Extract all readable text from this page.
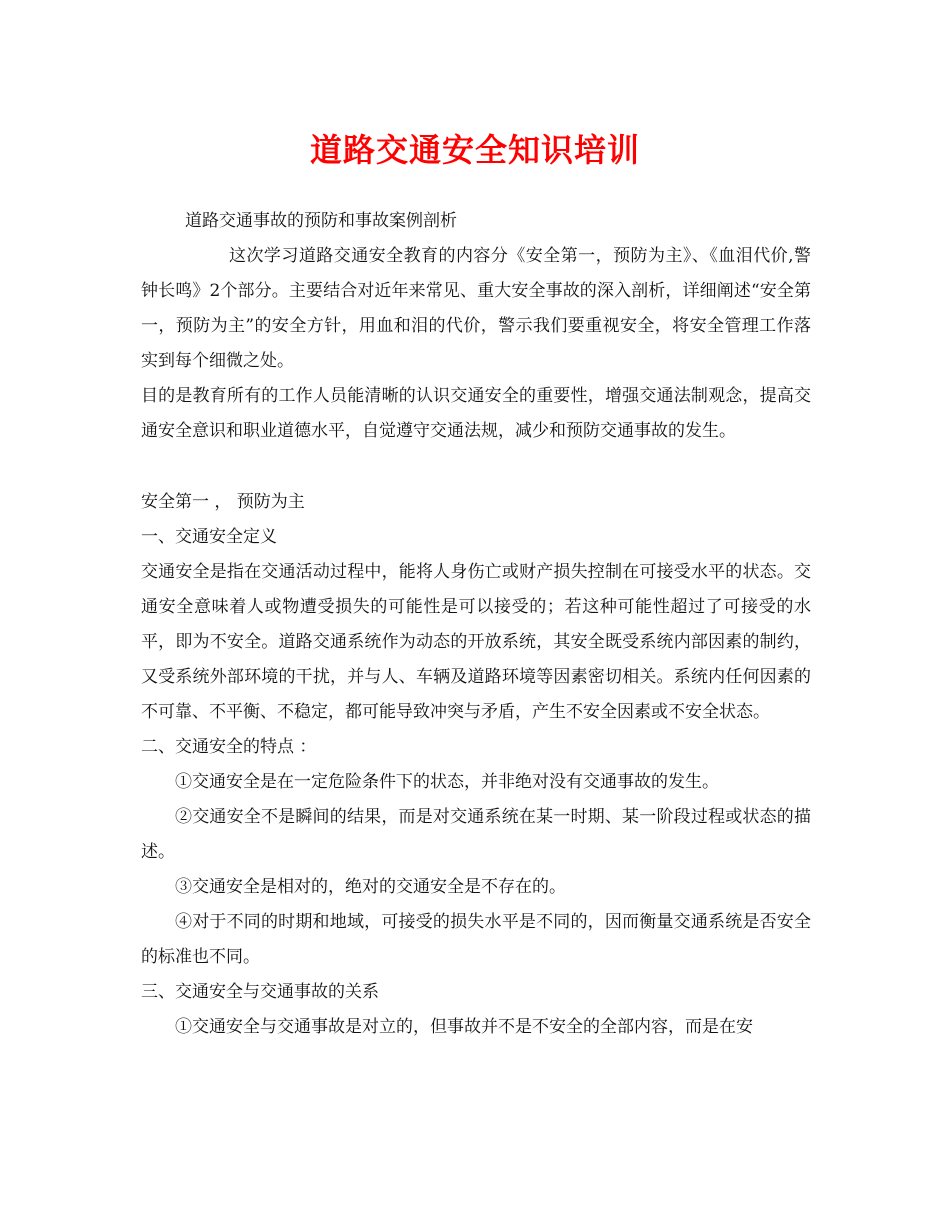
道路交通安全知识培训

道路交通事故的预防和事故案例剖析

这次学习道路交通安全教育的内容分《安全第一，预防为主》、《血泪代价,警钟长鸣》2个部分。主要结合对近年来常见、重大安全事故的深入剖析，详细阐述“安全第一，预防为主”的安全方针，用血和泪的代价，警示我们要重视安全，将安全管理工作落实到每个细微之处。

目的是教育所有的工作人员能清晰的认识交通安全的重要性，增强交通法制观念，提高交通安全意识和职业道德水平，自觉遵守交通法规，减少和预防交通事故的发生。

安全第一 ， 预防为主

一、交通安全定义

交通安全是指在交通活动过程中，能将人身伤亡或财产损失控制在可接受水平的状态。交通安全意味着人或物遭受损失的可能性是可以接受的；若这种可能性超过了可接受的水平，即为不安全。道路交通系统作为动态的开放系统，其安全既受系统内部因素的制约，又受系统外部环境的干扰，并与人、车辆及道路环境等因素密切相关。系统内任何因素的不可靠、不平衡、不稳定，都可能导致冲突与矛盾，产生不安全因素或不安全状态。

二、交通安全的特点 ：

①交通安全是在一定危险条件下的状态，并非绝对没有交通事故的发生。

②交通安全不是瞬间的结果，而是对交通系统在某一时期、某一阶段过程或状态的描述。

③交通安全是相对的，绝对的交通安全是不存在的。

④对于不同的时期和地域，可接受的损失水平是不同的，因而衡量交通系统是否安全的标准也不同。

三、交通安全与交通事故的关系

①交通安全与交通事故是对立的，但事故并不是不安全的全部内容，而是在安
